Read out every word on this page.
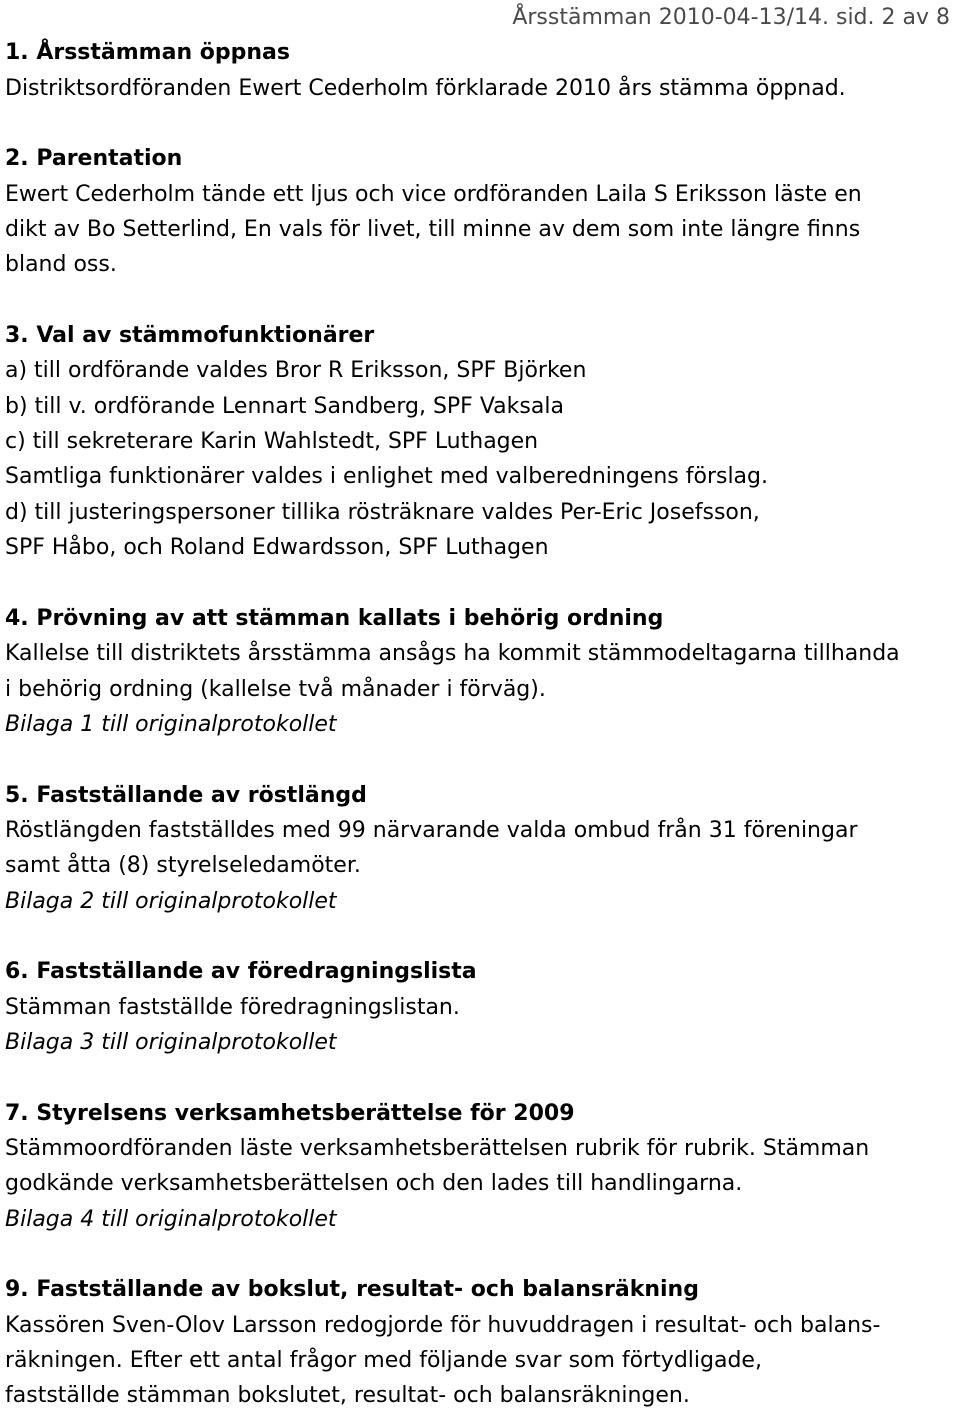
Årsstämman 2010-04-13/14. sid. 2 av 8
1. Årsstämman öppnas
Distriktsordföranden Ewert Cederholm förklarade 2010 års stämma öppnad.
2. Parentation
Ewert Cederholm tände ett ljus och vice ordföranden Laila S Eriksson läste en
dikt av Bo Setterlind, En vals för livet, till minne av dem som inte längre finns
bland oss.
3. Val av stämmofunktionärer
a) till ordförande valdes Bror R Eriksson, SPF Björken
b) till v. ordförande Lennart Sandberg, SPF Vaksala
c) till sekreterare Karin Wahlstedt, SPF Luthagen
Samtliga funktionärer valdes i enlighet med valberedningens förslag.
d) till justeringspersoner tillika rösträknare valdes Per-Eric Josefsson,
SPF Håbo, och Roland Edwardsson, SPF Luthagen
4. Prövning av att stämman kallats i behörig ordning
Kallelse till distriktets årsstämma ansågs ha kommit stämmodeltagarna tillhanda
i behörig ordning (kallelse två månader i förväg).
Bilaga 1 till originalprotokollet
5. Fastställande av röstlängd
Röstlängden fastställdes med 99 närvarande valda ombud från 31 föreningar
samt åtta (8) styrelseledamöter.
Bilaga 2 till originalprotokollet
6. Fastställande av föredragningslista
Stämman fastställde föredragningslistan.
Bilaga 3 till originalprotokollet
7. Styrelsens verksamhetsberättelse för 2009
Stämmoordföranden läste verksamhetsberättelsen rubrik för rubrik. Stämman
godkände verksamhetsberättelsen och den lades till handlingarna.
Bilaga 4 till originalprotokollet
9. Fastställande av bokslut, resultat- och balansräkning
Kassören Sven-Olov Larsson redogjorde för huvuddragen i resultat- och balans-
räkningen. Efter ett antal frågor med följande svar som förtydligade,
fastställde stämman bokslutet, resultat- och balansräkningen.
